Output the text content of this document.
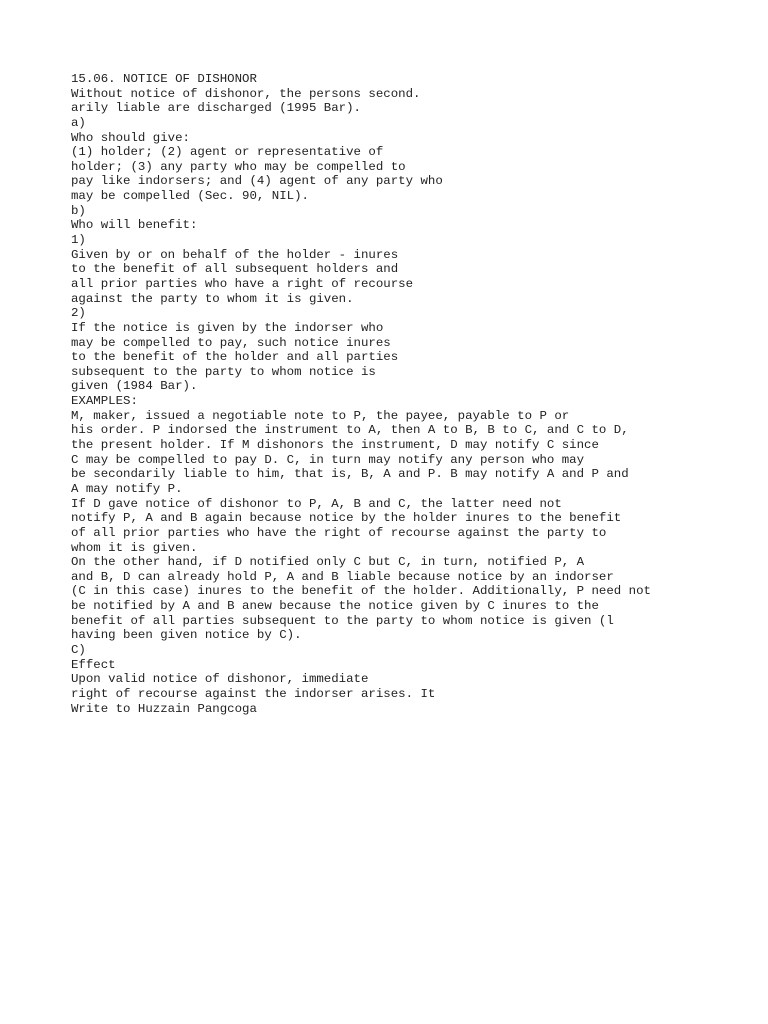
15.06. NOTICE OF DISHONOR
Without notice of dishonor, the persons second.
arily liable are discharged (1995 Bar).
a)
Who should give:
(1) holder; (2) agent or representative of
holder; (3) any party who may be compelled to
pay like indorsers; and (4) agent of any party who
may be compelled (Sec. 90, NIL).
b)
Who will benefit:
1)
Given by or on behalf of the holder - inures
to the benefit of all subsequent holders and
all prior parties who have a right of recourse
against the party to whom it is given.
2)
If the notice is given by the indorser who
may be compelled to pay, such notice inures
to the benefit of the holder and all parties
subsequent to the party to whom notice is
given (1984 Bar).
EXAMPLES:
M, maker, issued a negotiable note to P, the payee, payable to P or
his order. P indorsed the instrument to A, then A to B, B to C, and C to D,
the present holder. If M dishonors the instrument, D may notify C since
C may be compelled to pay D. C, in turn may notify any person who may
be secondarily liable to him, that is, B, A and P. B may notify A and P and
A may notify P.
If D gave notice of dishonor to P, A, B and C, the latter need not
notify P, A and B again because notice by the holder inures to the benefit
of all prior parties who have the right of recourse against the party to
whom it is given.
On the other hand, if D notified only C but C, in turn, notified P, A
and B, D can already hold P, A and B liable because notice by an indorser
(C in this case) inures to the benefit of the holder. Additionally, P need not
be notified by A and B anew because the notice given by C inures to the
benefit of all parties subsequent to the party to whom notice is given (l
having been given notice by C).
C)
Effect
Upon valid notice of dishonor, immediate
right of recourse against the indorser arises. It
Write to Huzzain Pangcoga
